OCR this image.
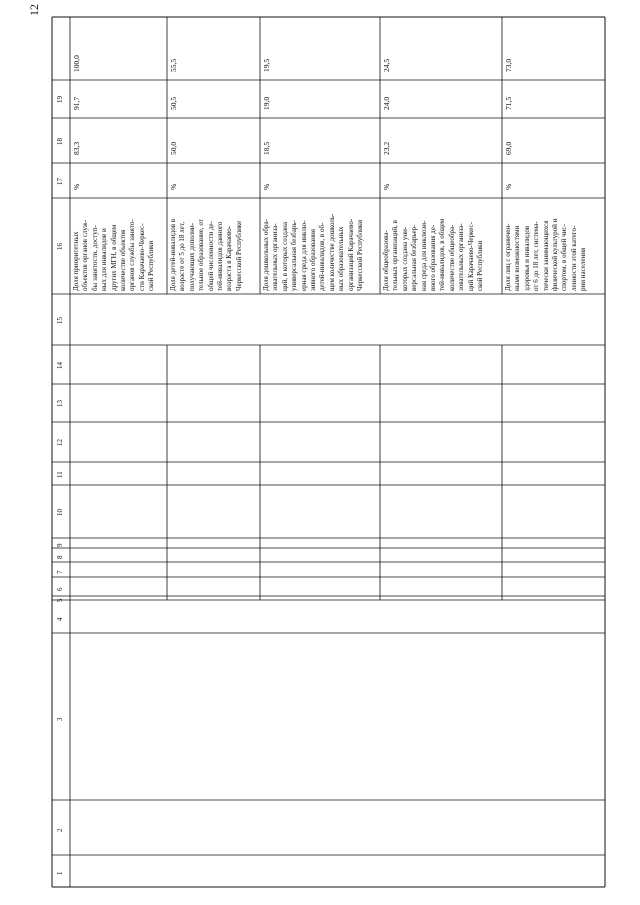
12
1
2
3
4
5
6
7
8
9
10
11
12
13
14
15
16
17
18
19
Доля приоритетных объектов органов служ- бы занятости, доступ- ных для инвалидов и других МГН, в общем количестве объектов органов службы занято- сти Карачаево-Черкес- ской Республики
%
83,3
91,7
100,0
Доля детей-инвалидов в возрасте от 5 до 18 лет, получающих дополни- тельное образование, от общей численности де- тей-инвалидов данного возраста в Карачаево- Черкесской Республике
%
50,0
50,5
55,5
Доля дошкольных обра- зовательных организа- ций, в которых создана универсальная безбарь- ерная среда для инклю- зивного образования детей-инвалидов, в об- щем количестве дошколь- ных образовательных организаций Карачаево- Черкесской Республики
%
18,5
19,0
19,5
Доля общеобразова- тельных организаций, в которых создана уни- версальная безбарьер- ная среда для инклюзи- вного образования де- тей-инвалидов, в общем количестве общеобра- зовательных организа- ций Карачаево-Черкес- ской Республики
%
23,2
24,0
24,5
Доля лиц с ограничен- ными возможностями здоровья и инвалидов от 6 до 18 лет, система- тически занимающихся физической культурой и спортом, в общей чис- ленности этой катего- рии населения
%
69,0
71,5
73,0
